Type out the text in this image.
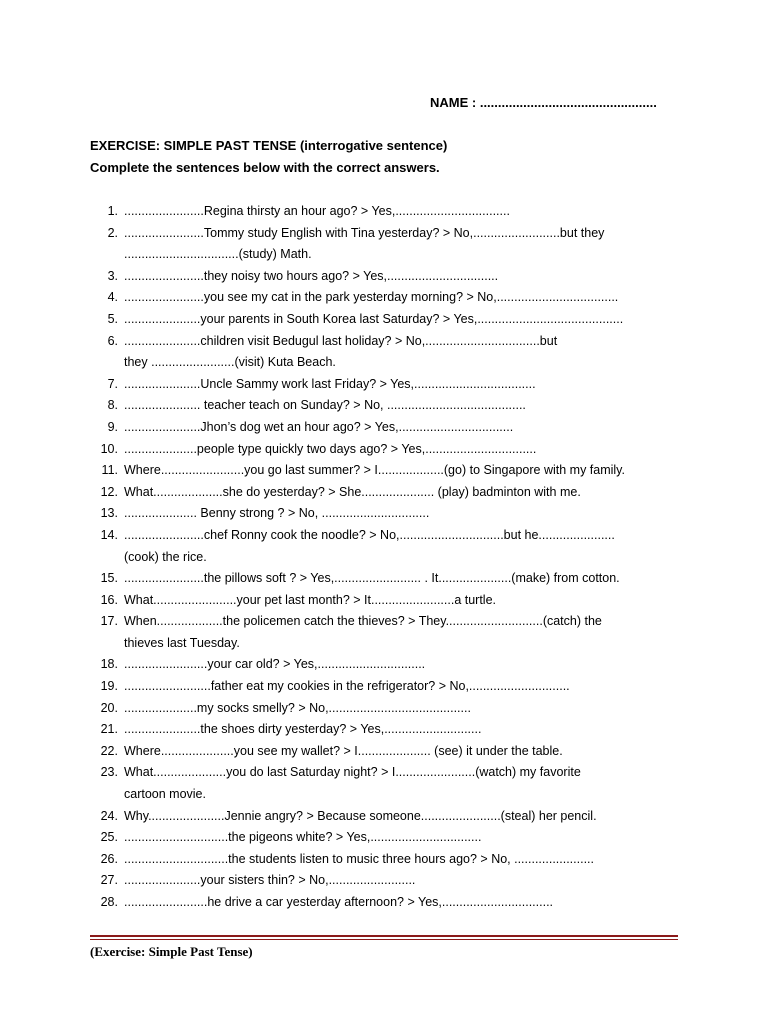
NAME : .................................................
EXERCISE: SIMPLE PAST TENSE (interrogative sentence)
Complete the sentences below with the correct answers.
1. .......................Regina thirsty an hour ago? > Yes,.................................
2. .......................Tommy study English with Tina yesterday? > No,.........................but they
.................................(study) Math.
3. .......................they noisy two hours ago? > Yes,................................
4. .......................you see my cat in the park yesterday morning? > No,...................................
5. ......................your parents in South Korea last Saturday? > Yes,..........................................
6. ......................children visit Bedugul last holiday? > No,.................................but
they ........................(visit) Kuta Beach.
7. ......................Uncle Sammy work last Friday? > Yes,...................................
8. ...................... teacher teach on Sunday? > No, ........................................
9. ......................Jhon’s dog wet an hour ago? > Yes,.................................
10. .....................people type quickly two days ago? > Yes,................................
11. Where........................you go last summer? > I...................(go) to Singapore with my family.
12. What....................she do yesterday? > She..................... (play) badminton with me.
13. ..................... Benny strong ? > No, ...............................
14. .......................chef Ronny cook the noodle? > No,..............................but he......................
(cook) the rice.
15. .......................the pillows soft ? > Yes,......................... . It.....................(make) from cotton.
16. What........................your pet last month? > It........................a turtle.
17. When...................the policemen catch the thieves? > They............................(catch) the
thieves last Tuesday.
18. ........................your car old? > Yes,...............................
19. .........................father eat my cookies in the refrigerator? > No,.............................
20. .....................my socks smelly? > No,.........................................
21. ......................the shoes dirty yesterday? > Yes,............................
22. Where.....................you see my wallet? > I..................... (see) it under the table.
23. What.....................you do last Saturday night? > I.......................(watch) my favorite
cartoon movie.
24. Why......................Jennie angry? > Because someone.......................(steal) her pencil.
25. ..............................the pigeons white? > Yes,................................
26. ..............................the students listen to music three hours ago? > No, .......................
27. ......................your sisters thin? > No,.........................
28. ........................he drive a car yesterday afternoon? > Yes,................................
(Exercise: Simple Past Tense)
